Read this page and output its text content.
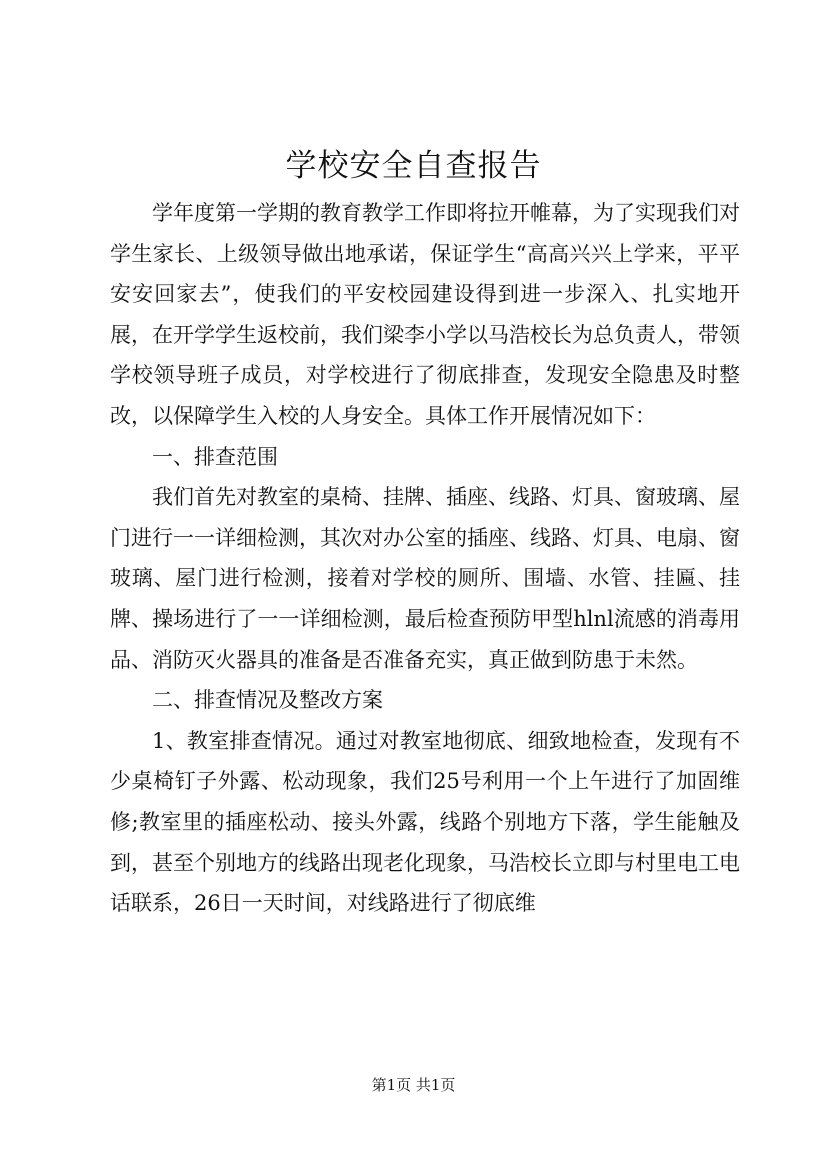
学校安全自查报告

学年度第一学期的教育教学工作即将拉开帷幕，为了实现我们对学生家长、上级领导做出地承诺，保证学生“高高兴兴上学来，平平安安回家去”，使我们的平安校园建设得到进一步深入、扎实地开展，在开学学生返校前，我们梁李小学以马浩校长为总负责人，带领学校领导班子成员，对学校进行了彻底排查，发现安全隐患及时整改，以保障学生入校的人身安全。具体工作开展情况如下：

一、排查范围

我们首先对教室的桌椅、挂牌、插座、线路、灯具、窗玻璃、屋门进行一一详细检测，其次对办公室的插座、线路、灯具、电扇、窗玻璃、屋门进行检测，接着对学校的厕所、围墙、水管、挂匾、挂牌、操场进行了一一详细检测，最后检查预防甲型hlnl流感的消毒用品、消防灭火器具的准备是否准备充实，真正做到防患于未然。

二、排查情况及整改方案

1、教室排查情况。通过对教室地彻底、细致地检查，发现有不少桌椅钉子外露、松动现象，我们25号利用一个上午进行了加固维修;教室里的插座松动、接头外露，线路个别地方下落，学生能触及到，甚至个别地方的线路出现老化现象，马浩校长立即与村里电工电话联系，26日一天时间，对线路进行了彻底维

第1页 共1页
